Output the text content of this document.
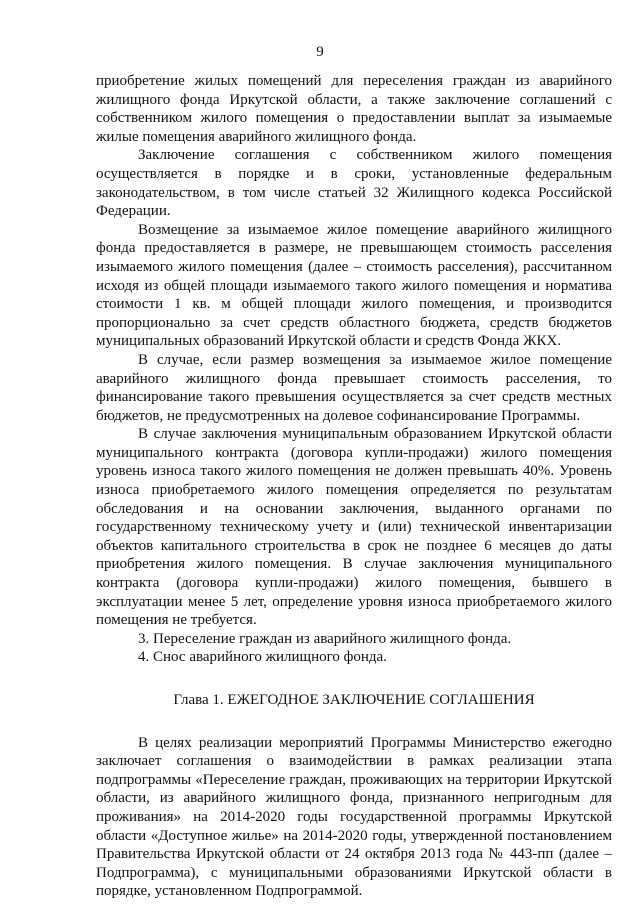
9

приобретение жилых помещений для переселения граждан из аварийного жилищного фонда Иркутской области, а также заключение соглашений с собственником жилого помещения о предоставлении выплат за изымаемые жилые помещения аварийного жилищного фонда.

Заключение соглашения с собственником жилого помещения осуществляется в порядке и в сроки, установленные федеральным законодательством, в том числе статьей 32 Жилищного кодекса Российской Федерации.

Возмещение за изымаемое жилое помещение аварийного жилищного фонда предоставляется в размере, не превышающем стоимость расселения изымаемого жилого помещения (далее – стоимость расселения), рассчитанном исходя из общей площади изымаемого такого жилого помещения и норматива стоимости 1 кв. м общей площади жилого помещения, и производится пропорционально за счет средств областного бюджета, средств бюджетов муниципальных образований Иркутской области и средств Фонда ЖКХ.

В случае, если размер возмещения за изымаемое жилое помещение аварийного жилищного фонда превышает стоимость расселения, то финансирование такого превышения осуществляется за счет средств местных бюджетов, не предусмотренных на долевое софинансирование Программы.

В случае заключения муниципальным образованием Иркутской области муниципального контракта (договора купли-продажи) жилого помещения уровень износа такого жилого помещения не должен превышать 40%. Уровень износа приобретаемого жилого помещения определяется по результатам обследования и на основании заключения, выданного органами по государственному техническому учету и (или) технической инвентаризации объектов капитального строительства в срок не позднее 6 месяцев до даты приобретения жилого помещения. В случае заключения муниципального контракта (договора купли-продажи) жилого помещения, бывшего в эксплуатации менее 5 лет, определение уровня износа приобретаемого жилого помещения не требуется.

3. Переселение граждан из аварийного жилищного фонда.

4. Снос аварийного жилищного фонда.

Глава 1. ЕЖЕГОДНОЕ ЗАКЛЮЧЕНИЕ СОГЛАШЕНИЯ

В целях реализации мероприятий Программы Министерство ежегодно заключает соглашения о взаимодействии в рамках реализации этапа подпрограммы «Переселение граждан, проживающих на территории Иркутской области, из аварийного жилищного фонда, признанного непригодным для проживания» на 2014-2020 годы государственной программы Иркутской области «Доступное жилье» на 2014-2020 годы, утвержденной постановлением Правительства Иркутской области от 24 октября 2013 года № 443-пп (далее – Подпрограмма), с муниципальными образованиями Иркутской области в порядке, установленном Подпрограммой.
